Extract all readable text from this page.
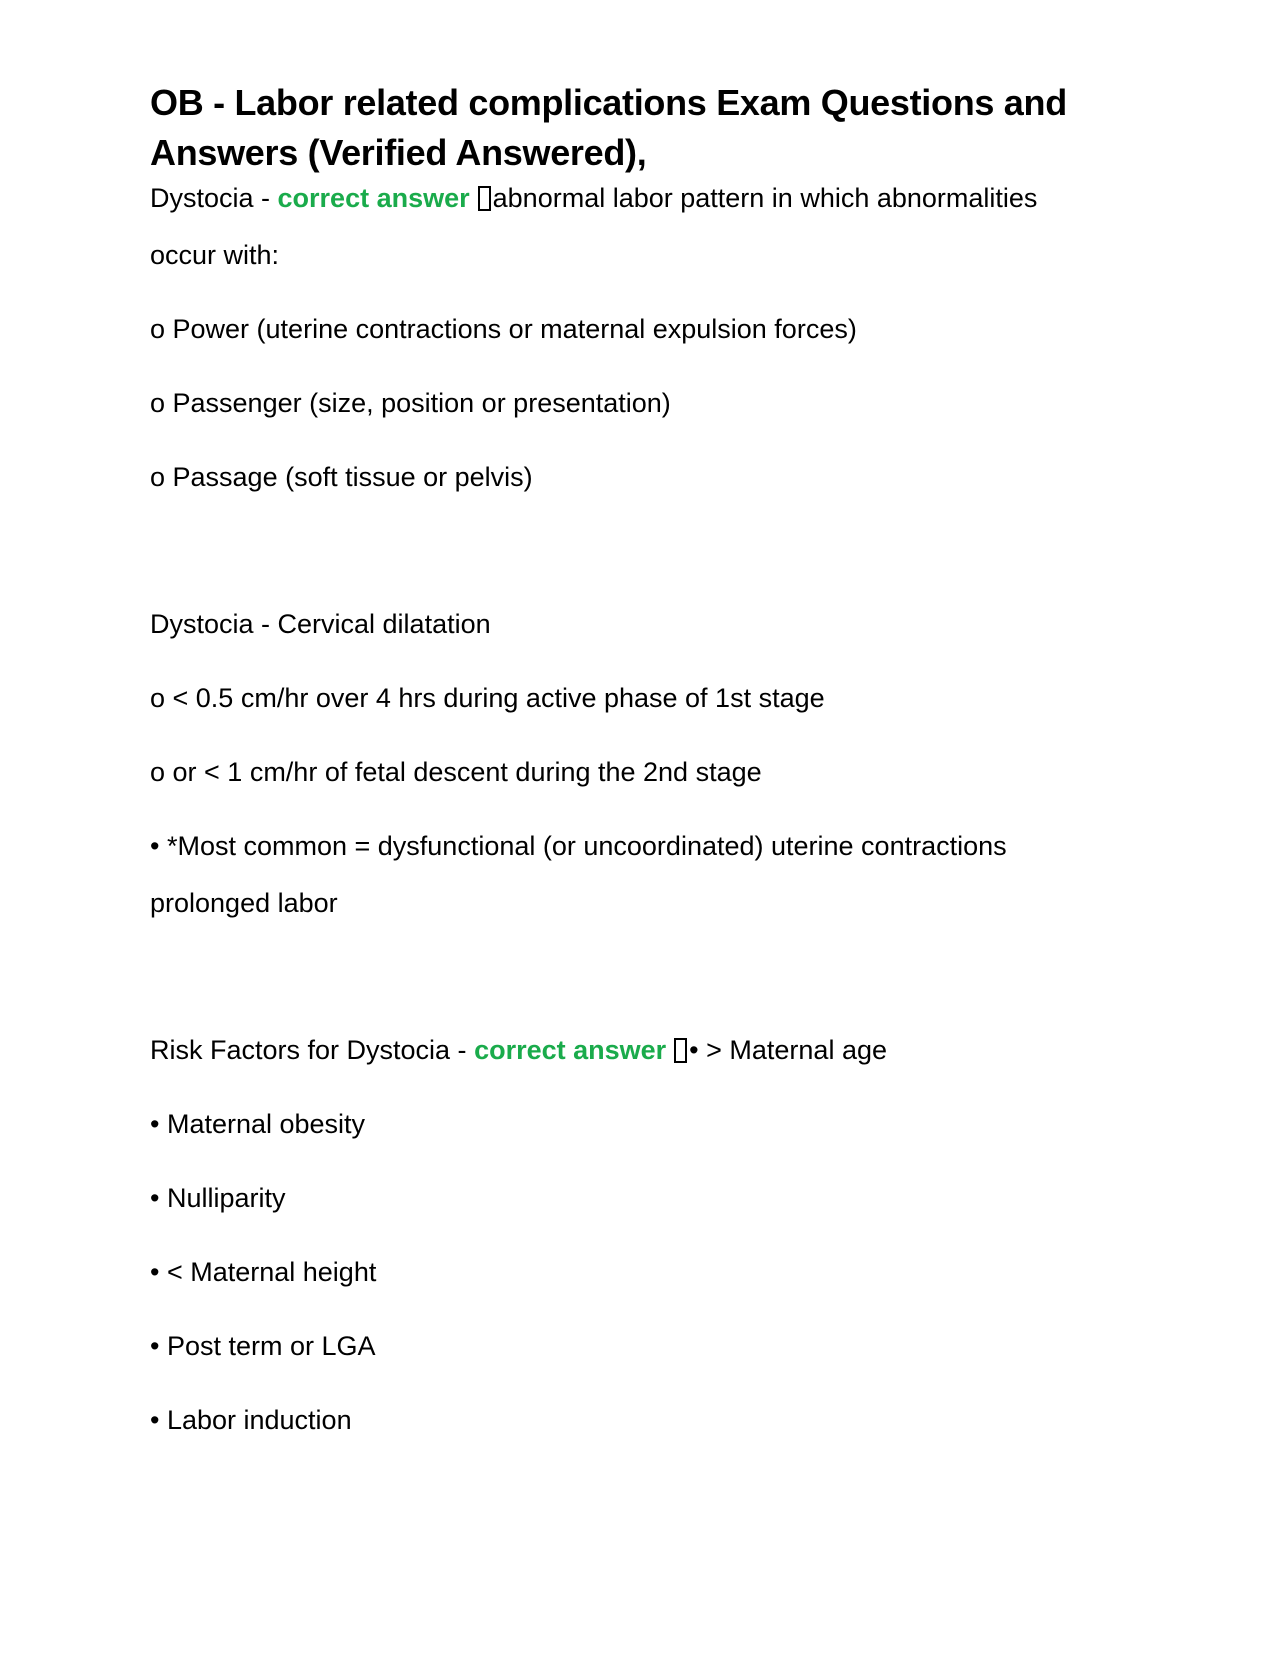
OB - Labor related complications Exam Questions and
Answers (Verified Answered),

Dystocia - correct answer abnormal labor pattern in which abnormalities

occur with:

o Power (uterine contractions or maternal expulsion forces)

o Passenger (size, position or presentation)

o Passage (soft tissue or pelvis)

Dystocia - Cervical dilatation

o < 0.5 cm/hr over 4 hrs during active phase of 1st stage

o or < 1 cm/hr of fetal descent during the 2nd stage

• *Most common = dysfunctional (or uncoordinated) uterine contractions

prolonged labor

Risk Factors for Dystocia - correct answer • > Maternal age

• Maternal obesity

• Nulliparity

• < Maternal height

• Post term or LGA

• Labor induction
